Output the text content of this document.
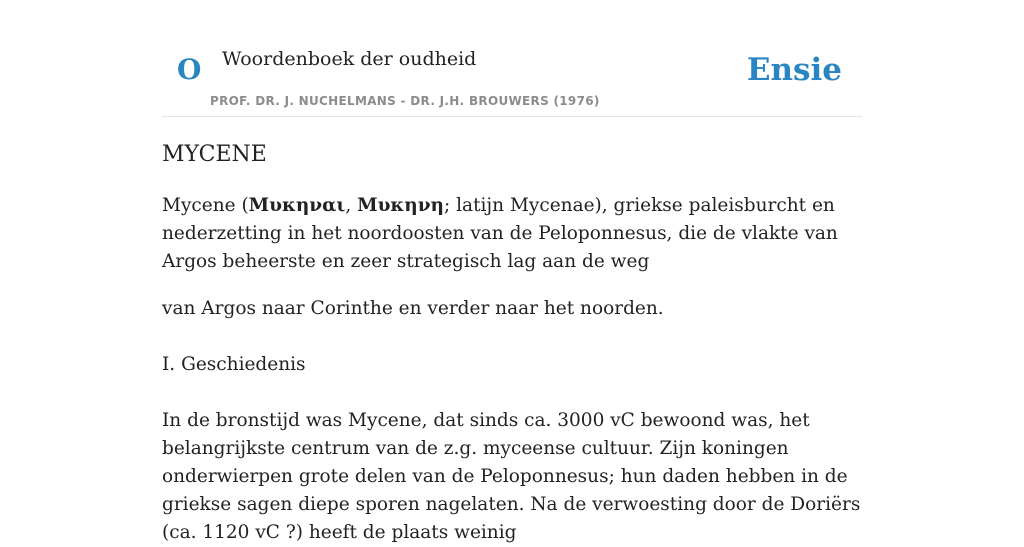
O Woordenboek der oudheid
PROF. DR. J. NUCHELMANS - DR. J.H. BROUWERS (1976)
Ensie
MYCENE

Mycene (Μυκηναι, Μυκηνη; latijn Mycenae), griekse paleisburcht en nederzetting in het noordoosten van de Peloponnesus, die de vlakte van Argos beheerste en zeer strategisch lag aan de weg

van Argos naar Corinthe en verder naar het noorden.

I. Geschiedenis

In de bronstijd was Mycene, dat sinds ca. 3000 vC bewoond was, het belangrijkste centrum van de z.g. myceense cultuur. Zijn koningen onderwierpen grote delen van de Peloponnesus; hun daden hebben in de griekse sagen diepe sporen nagelaten. Na de verwoesting door de Doriërs (ca. 1120 vC ?) heeft de plaats weinig
